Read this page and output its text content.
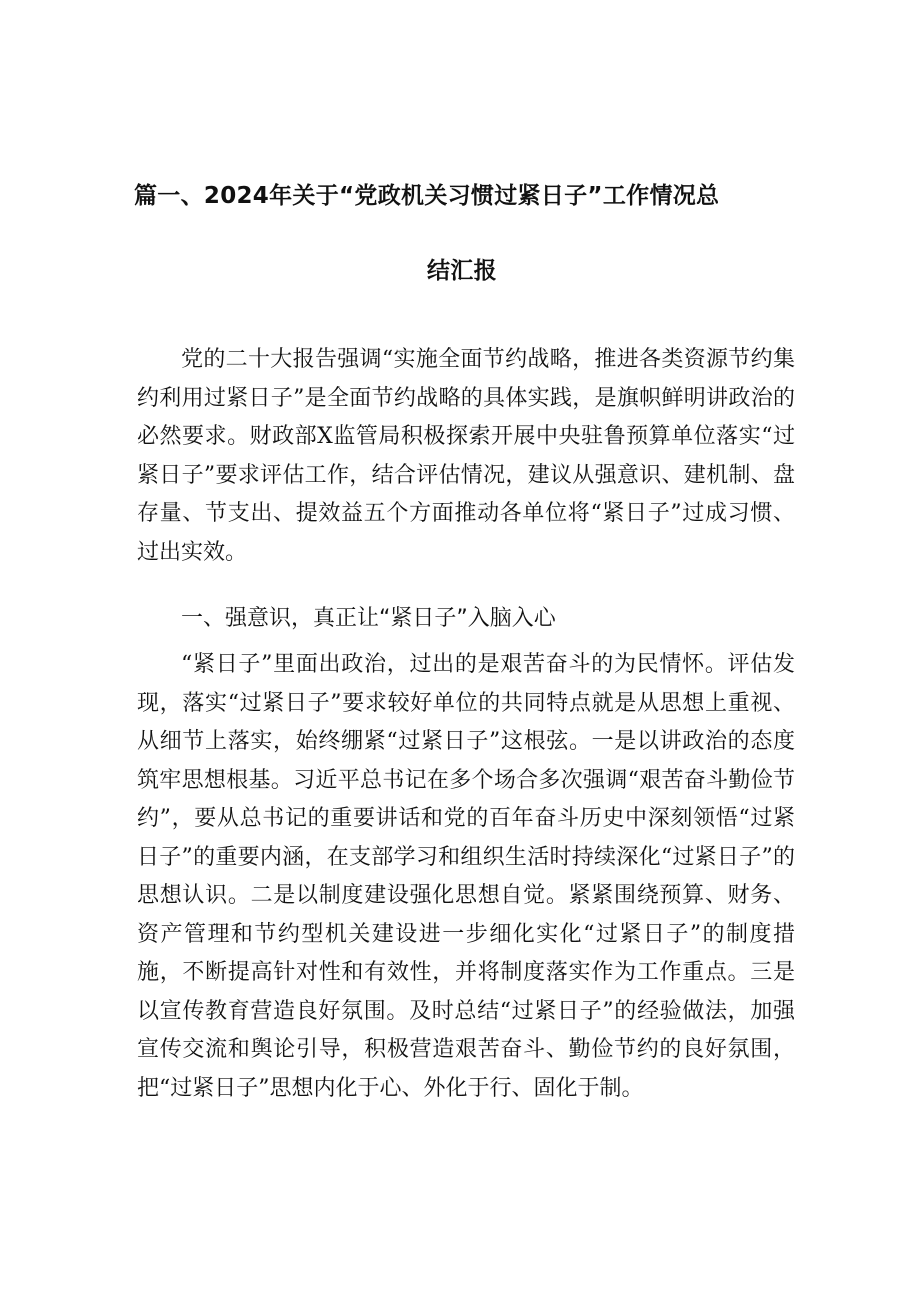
篇一、2024年关于“党政机关习惯过紧日子”工作情况总
结汇报

党的二十大报告强调“实施全面节约战略，推进各类资源节约集约利用过紧日子”是全面节约战略的具体实践，是旗帜鲜明讲政治的必然要求。财政部X监管局积极探索开展中央驻鲁预算单位落实“过紧日子”要求评估工作，结合评估情况，建议从强意识、建机制、盘存量、节支出、提效益五个方面推动各单位将“紧日子”过成习惯、过出实效。

一、强意识，真正让“紧日子”入脑入心

“紧日子”里面出政治，过出的是艰苦奋斗的为民情怀。评估发现，落实“过紧日子”要求较好单位的共同特点就是从思想上重视、从细节上落实，始终绷紧“过紧日子”这根弦。一是以讲政治的态度筑牢思想根基。习近平总书记在多个场合多次强调“艰苦奋斗勤俭节约”，要从总书记的重要讲话和党的百年奋斗历史中深刻领悟“过紧日子”的重要内涵，在支部学习和组织生活时持续深化“过紧日子”的思想认识。二是以制度建设强化思想自觉。紧紧围绕预算、财务、资产管理和节约型机关建设进一步细化实化“过紧日子”的制度措施，不断提高针对性和有效性，并将制度落实作为工作重点。三是以宣传教育营造良好氛围。及时总结“过紧日子”的经验做法，加强宣传交流和舆论引导，积极营造艰苦奋斗、勤俭节约的良好氛围，把“过紧日子”思想内化于心、外化于行、固化于制。
